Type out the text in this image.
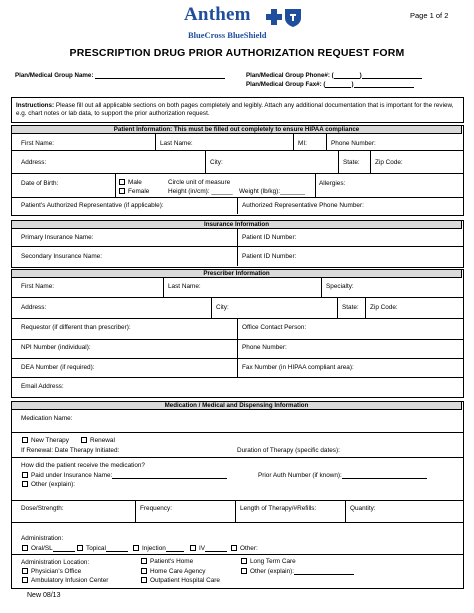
Anthem
BlueCross BlueShield
Page 1 of 2
PRESCRIPTION DRUG PRIOR AUTHORIZATION REQUEST FORM
Plan/Medical Group Name:	Plan/Medical Group Phone#: (	)
Plan/Medical Group Fax#: (	)
Instructions: Please fill out all applicable sections on both pages completely and legibly. Attach any additional documentation that is important for the review, e.g. chart notes or lab data, to support the prior authorization request.
Patient Information: This must be filled out completely to ensure HIPAA compliance
First Name:	Last Name:	MI:	Phone Number:
Address:	City:	State: Zip Code:
Date of Birth:	Male
Female
Circle unit of measure
Height (in/cm): ______ Weight (lb/kg):_______
Allergies:
Patient's Authorized Representative (if applicable):	Authorized Representative Phone Number:
Insurance Information
Primary Insurance Name:	Patient ID Number:
Secondary Insurance Name:	Patient ID Number:
Prescriber Information
First Name:	Last Name:	Specialty:
Address:	City:	State: Zip Code:
Requestor (if different than prescriber):	Office Contact Person:
NPI Number (individual):	Phone Number:
DEA Number (if required):	Fax Number (in HIPAA compliant area):
Email Address:
Medication / Medical and Dispensing Information
Medication Name:
New Therapy	Renewal
If Renewal: Date Therapy Initiated:	Duration of Therapy (specific dates):
How did the patient receive the medication?
Paid under Insurance Name:	Prior Auth Number (if known):
Other (explain):
Dose/Strength:	Frequency:	Length of Therapy/#Refills:	Quantity:
Administration:
Oral/SL	Topical	Injection	IV	Other:
Administration Location:	Patient's Home	Long Term Care
Physician's Office	Home Care Agency	Other (explain):
Ambulatory Infusion Center	Outpatient Hospital Care
New 08/13
